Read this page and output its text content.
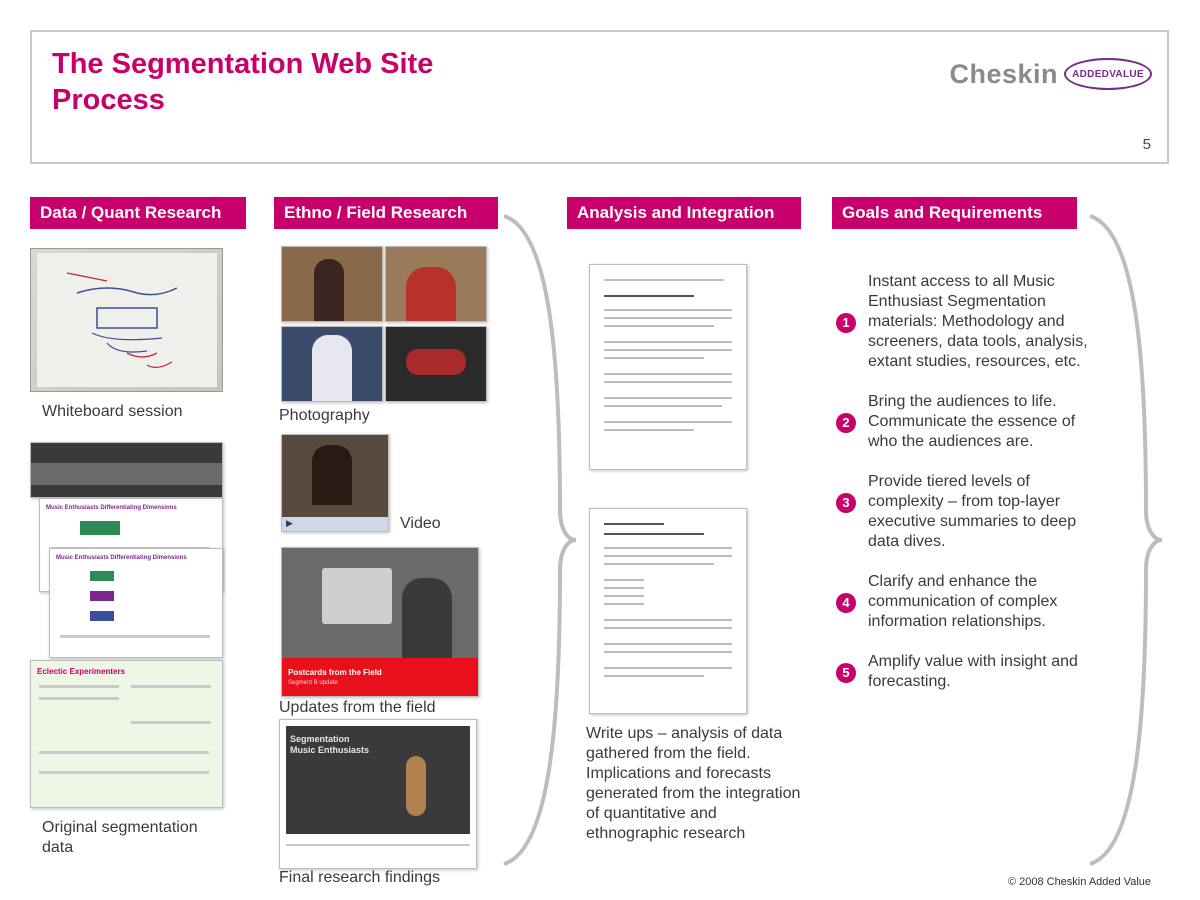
The Segmentation Web Site
Process
Cheskin ADDEDVALUE
5
Data / Quant Research	Ethno / Field Research	Analysis and Integration	Goals and Requirements
Whiteboard session
Music Enthusiasts Differentiating Dimensions
Music Enthusiasts Differentiating Dimensions
Eclectic Experimenters
Original segmentation data
Photography
▶	Video
Postcards from the Field
Segment B update
Updates from the field
Segmentation Music Enthusiasts
Final research findings
Write ups – analysis of data gathered from the field. Implications and forecasts generated from the integration of quantitative and ethnographic research
1
Instant access to all Music Enthusiast Segmentation materials: Methodology and screeners, data tools, analysis, extant studies, resources, etc.
2
Bring the audiences to life. Communicate the essence of who the audiences are.
3
Provide tiered levels of complexity – from top-layer executive summaries to deep data dives.
4
Clarify and enhance the communication of complex information relationships.
5
Amplify value with insight and forecasting.
© 2008 Cheskin Added Value
